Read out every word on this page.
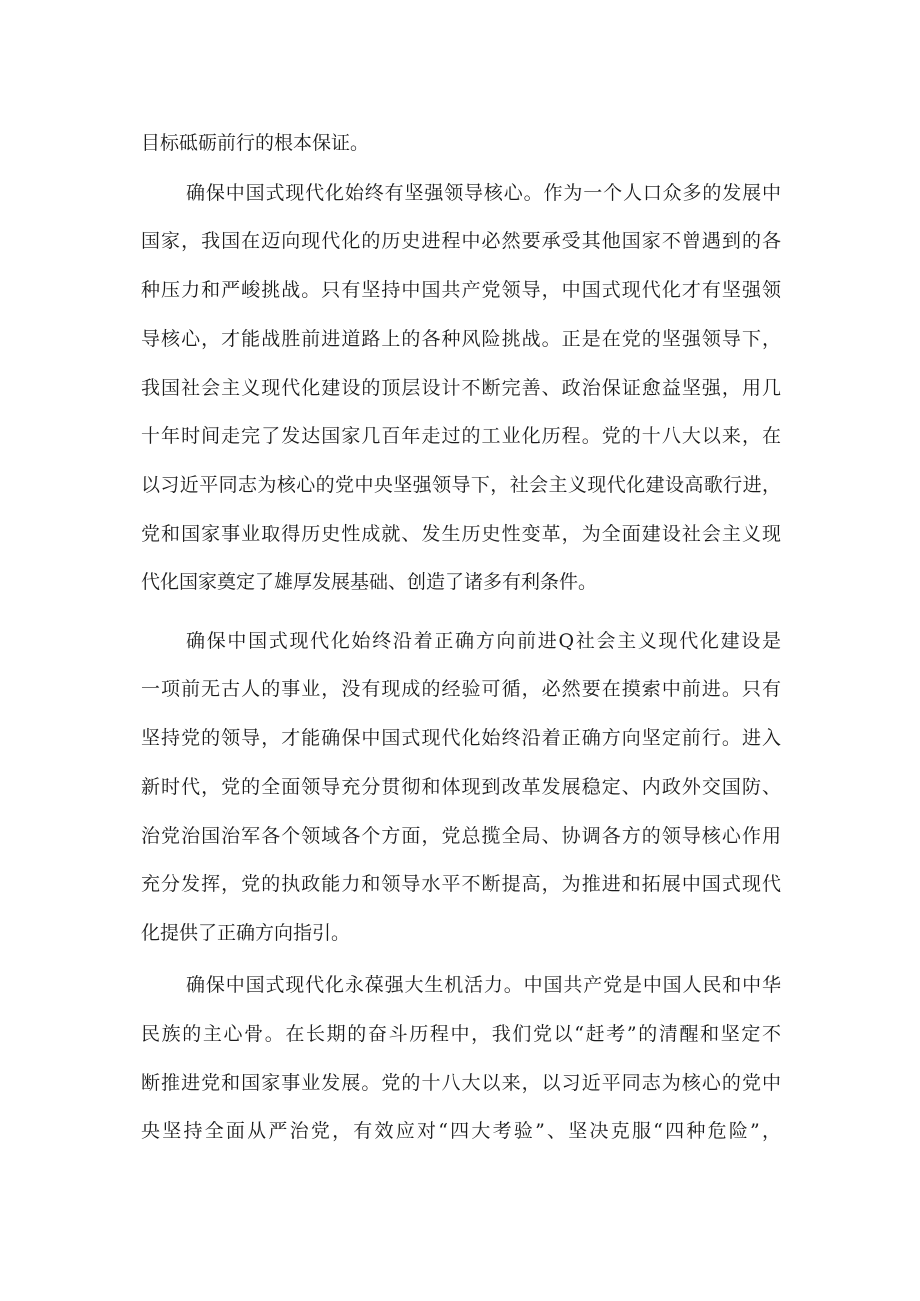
目标砥砺前行的根本保证。
确保中国式现代化始终有坚强领导核心。作为一个人口众多的发展中
国家，我国在迈向现代化的历史进程中必然要承受其他国家不曾遇到的各
种压力和严峻挑战。只有坚持中国共产党领导，中国式现代化才有坚强领
导核心，才能战胜前进道路上的各种风险挑战。正是在党的坚强领导下，
我国社会主义现代化建设的顶层设计不断完善、政治保证愈益坚强，用几
十年时间走完了发达国家几百年走过的工业化历程。党的十八大以来，在
以习近平同志为核心的党中央坚强领导下，社会主义现代化建设高歌行进，
党和国家事业取得历史性成就、发生历史性变革，为全面建设社会主义现
代化国家奠定了雄厚发展基础、创造了诸多有利条件。
确保中国式现代化始终沿着正确方向前进Q社会主义现代化建设是
一项前无古人的事业，没有现成的经验可循，必然要在摸索中前进。只有
坚持党的领导，才能确保中国式现代化始终沿着正确方向坚定前行。进入
新时代，党的全面领导充分贯彻和体现到改革发展稳定、内政外交国防、
治党治国治军各个领域各个方面，党总揽全局、协调各方的领导核心作用
充分发挥，党的执政能力和领导水平不断提高，为推进和拓展中国式现代
化提供了正确方向指引。
确保中国式现代化永葆强大生机活力。中国共产党是中国人民和中华
民族的主心骨。在长期的奋斗历程中，我们党以“赶考”的清醒和坚定不
断推进党和国家事业发展。党的十八大以来，以习近平同志为核心的党中
央坚持全面从严治党，有效应对“四大考验”、坚决克服“四种危险”，
